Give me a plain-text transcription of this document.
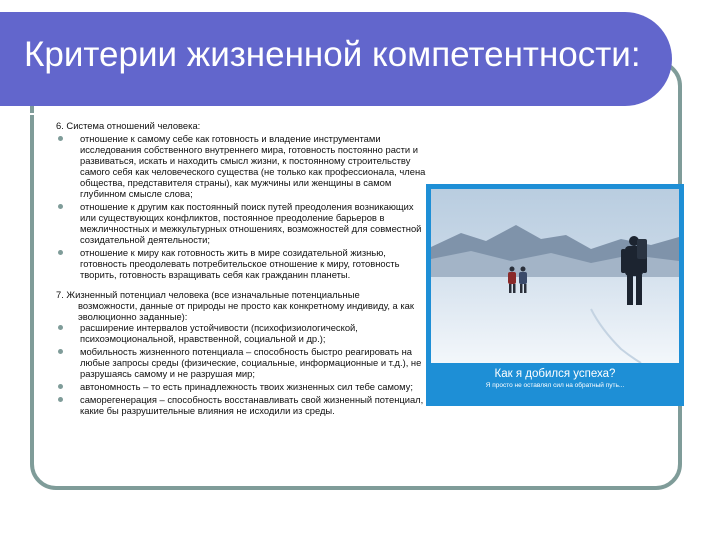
Критерии жизненной компетентности:

6. Система отношений человека:

отношение к самому себе как готовность и владение инструментами исследования собственного внутреннего мира, готовность постоянно расти и развиваться, искать и находить смысл жизни, к постоянному строительству самого себя как человеческого существа (не только как профессионала, члена общества, представителя страны), как мужчины или женщины в самом глубинном смысле слова;
отношение к другим как постоянный поиск путей преодоления возникающих или существующих конфликтов, постоянное преодоление барьеров в межличностных и межкультурных отношениях, возможностей для совместной созидательной деятельности;
отношение к миру как готовность жить в мире созидательной жизнью, готовность преодолевать потребительское отношение к миру, готовность творить, готовность взращивать себя как гражданин планеты.

7. Жизненный потенциал человека (все изначальные потенциальные
возможности, данные от природы не просто как конкретному индивиду, а как эволюционно заданные):

расширение интервалов устойчивости (психофизиологической, психоэмоциональной, нравственной, социальной и др.);
мобильность жизненного потенциала – способность быстро реагировать на любые запросы среды (физические, социальные, информационные и т.д.), не разрушаясь самому и не разрушая мир;
автономность – то есть принадлежность твоих жизненных сил тебе самому;
саморегенерация – способность восстанавливать свой жизненный потенциал, какие бы разрушительные влияния не исходили из среды.
Как я добился успеха?
Я просто не оставлял сил на обратный путь...
